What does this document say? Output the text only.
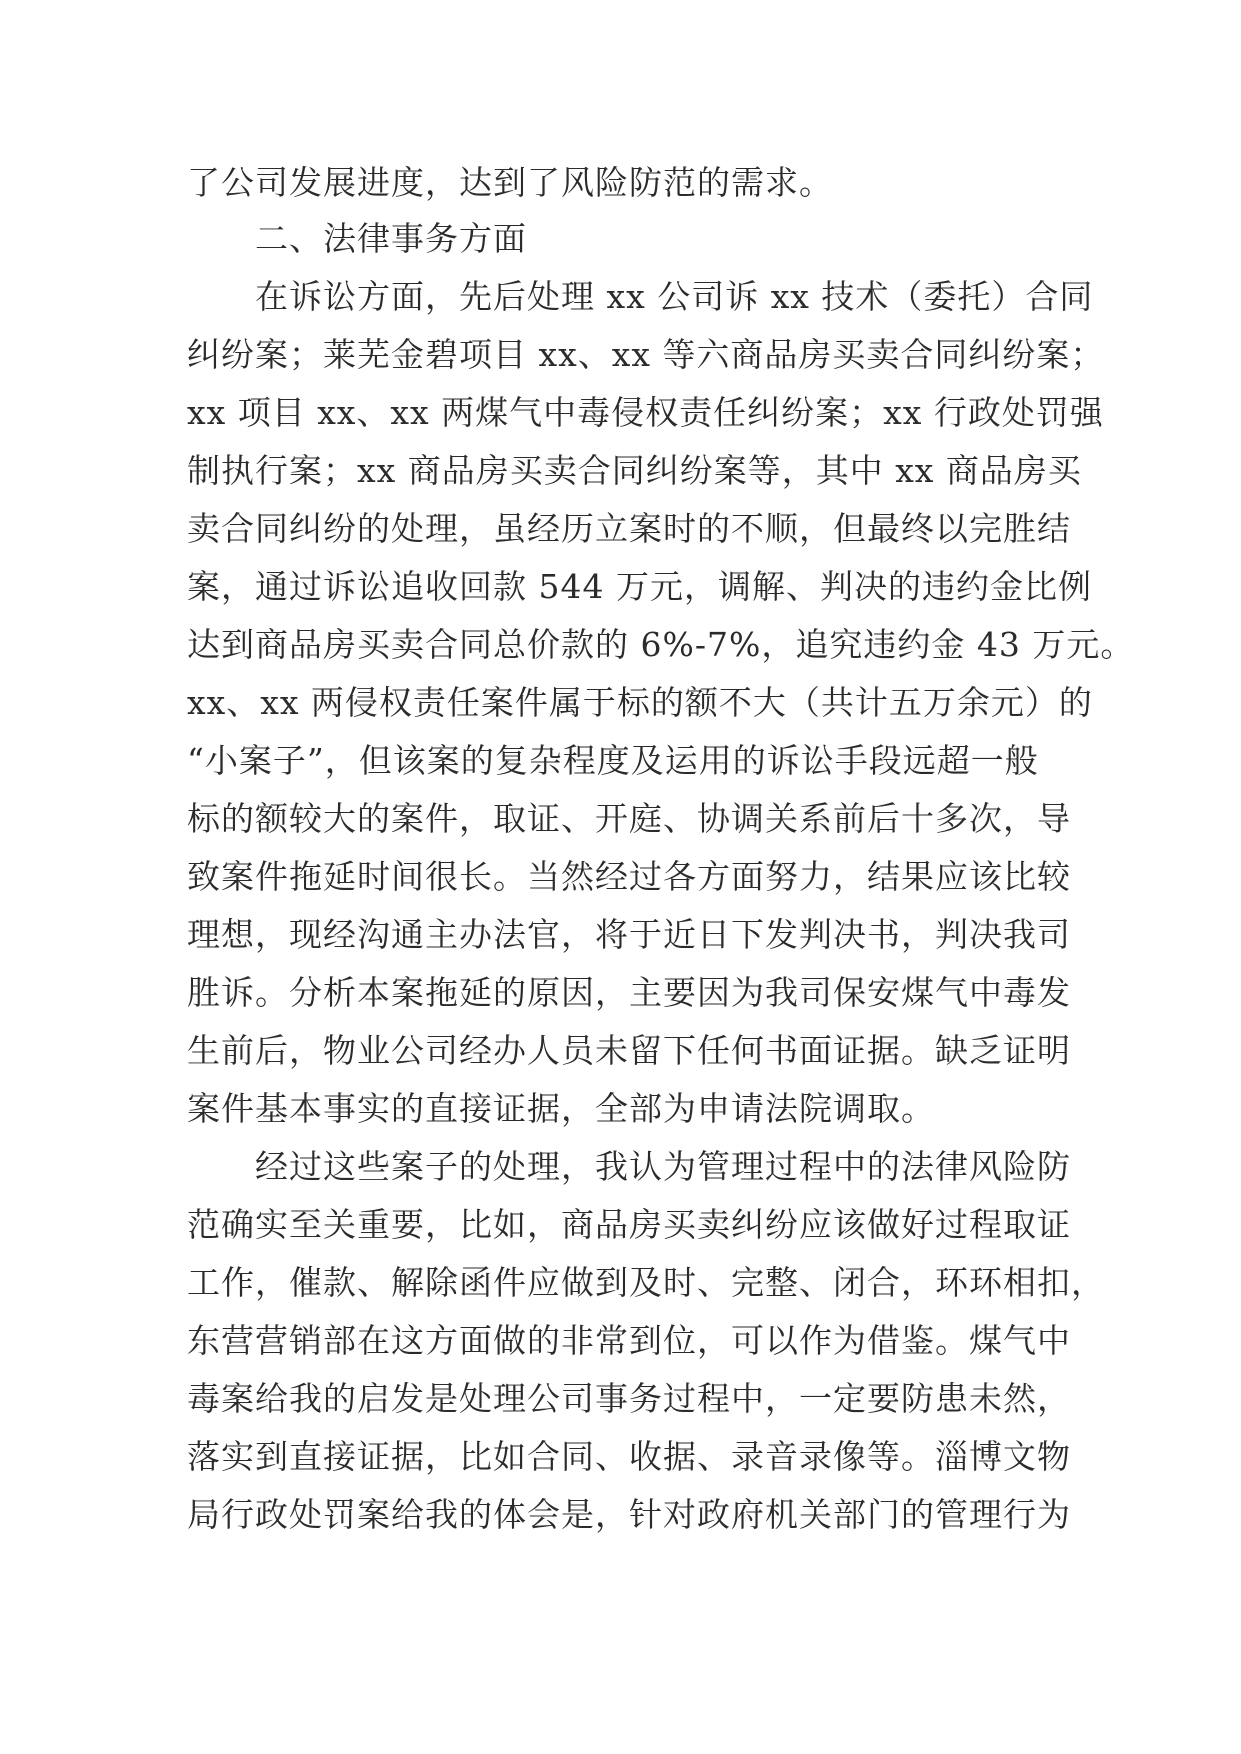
了公司发展进度，达到了风险防范的需求。
　　二、法律事务方面
　　在诉讼方面，先后处理 xx 公司诉 xx 技术（委托）合同
纠纷案；莱芜金碧项目 xx、xx 等六商品房买卖合同纠纷案；
xx 项目 xx、xx 两煤气中毒侵权责任纠纷案；xx 行政处罚强
制执行案；xx 商品房买卖合同纠纷案等，其中 xx 商品房买
卖合同纠纷的处理，虽经历立案时的不顺，但最终以完胜结
案，通过诉讼追收回款 544 万元，调解、判决的违约金比例
达到商品房买卖合同总价款的 6%-7%，追究违约金 43 万元。
xx、xx 两侵权责任案件属于标的额不大（共计五万余元）的
“小案子”，但该案的复杂程度及运用的诉讼手段远超一般
标的额较大的案件，取证、开庭、协调关系前后十多次，导
致案件拖延时间很长。当然经过各方面努力，结果应该比较
理想，现经沟通主办法官，将于近日下发判决书，判决我司
胜诉。分析本案拖延的原因，主要因为我司保安煤气中毒发
生前后，物业公司经办人员未留下任何书面证据。缺乏证明
案件基本事实的直接证据，全部为申请法院调取。
　　经过这些案子的处理，我认为管理过程中的法律风险防
范确实至关重要，比如，商品房买卖纠纷应该做好过程取证
工作，催款、解除函件应做到及时、完整、闭合，环环相扣，
东营营销部在这方面做的非常到位，可以作为借鉴。煤气中
毒案给我的启发是处理公司事务过程中，一定要防患未然，
落实到直接证据，比如合同、收据、录音录像等。淄博文物
局行政处罚案给我的体会是，针对政府机关部门的管理行为
